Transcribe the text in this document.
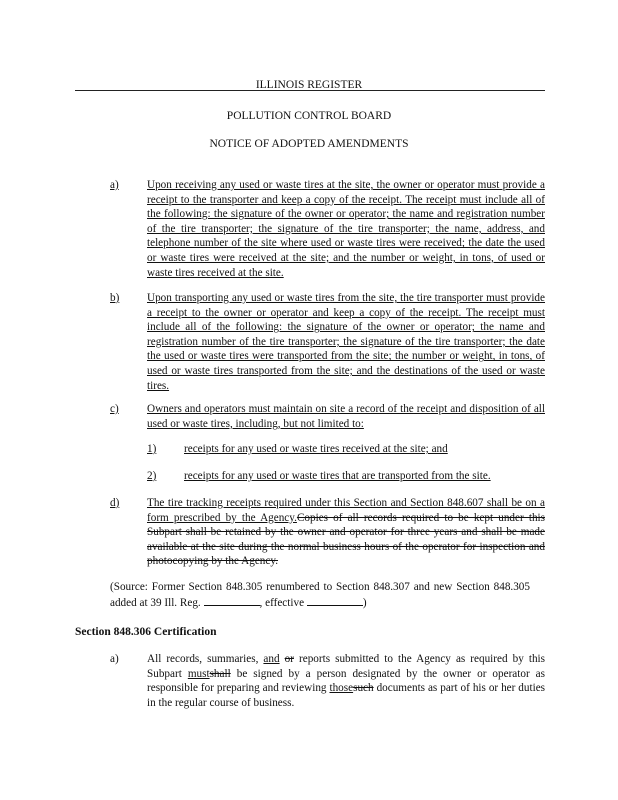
ILLINOIS REGISTER
POLLUTION CONTROL BOARD
NOTICE OF ADOPTED AMENDMENTS
a)	Upon receiving any used or waste tires at the site, the owner or operator must provide a receipt to the transporter and keep a copy of the receipt. The receipt must include all of the following: the signature of the owner or operator; the name and registration number of the tire transporter; the signature of the tire transporter; the name, address, and telephone number of the site where used or waste tires were received; the date the used or waste tires were received at the site; and the number or weight, in tons, of used or waste tires received at the site.
b) Upon transporting any used or waste tires from the site, the tire transporter must provide a receipt to the owner or operator and keep a copy of the receipt. The receipt must include all of the following: the signature of the owner or operator; the name and registration number of the tire transporter; the signature of the tire transporter; the date the used or waste tires were transported from the site; the number or weight, in tons, of used or waste tires transported from the site; and the destinations of the used or waste tires.
c)	Owners and operators must maintain on site a record of the receipt and disposition of all used or waste tires, including, but not limited to:
1) receipts for any used or waste tires received at the site; and
2) receipts for any used or waste tires that are transported from the site.
d) The tire tracking receipts required under this Section and Section 848.607 shall be on a form prescribed by the Agency.Copies of all records required to be kept under this Subpart shall be retained by the owner and operator for three years and shall be made available at the site during the normal business hours of the operator for inspection and photocopying by the Agency.
(Source: Former Section 848.305 renumbered to Section 848.307 and new Section 848.305 added at 39 Ill. Reg.	, effective	)
Section 848.306 Certification
a)	All records, summaries, and or reports submitted to the Agency as required by this Subpart mustshall be signed by a person designated by the owner or operator as responsible for preparing and reviewing thosesuch documents as part of his or her duties in the regular course of business.
